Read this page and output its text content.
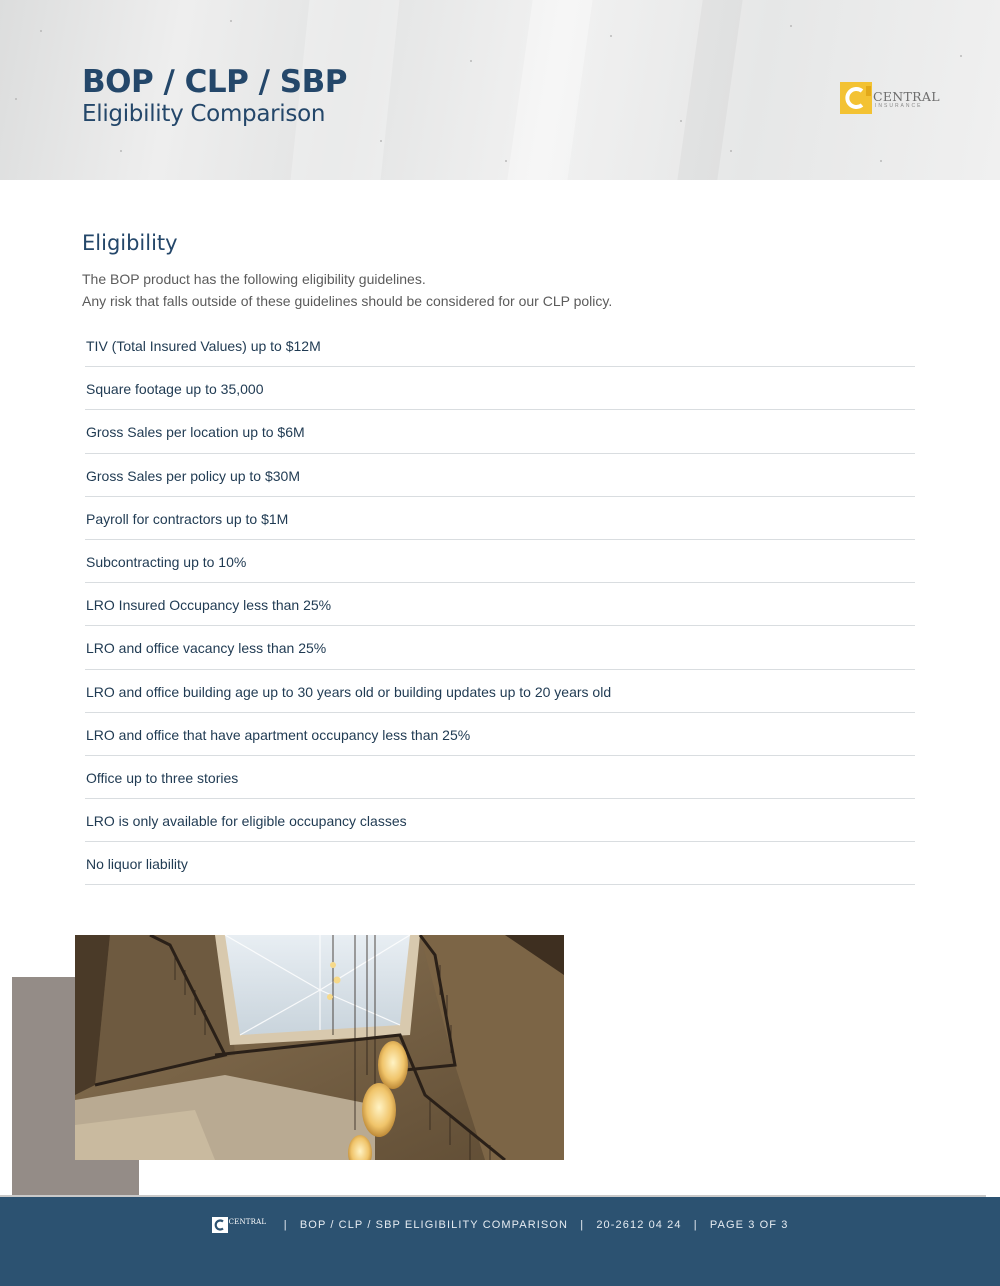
BOP / CLP / SBP
Eligibility Comparison
CENTRAL
INSURANCE
Eligibility

The BOP product has the following eligibility guidelines.

Any risk that falls outside of these guidelines should be considered for our CLP policy.

TIV (Total Insured Values) up to $12M
Square footage up to 35,000
Gross Sales per location up to $6M
Gross Sales per policy up to $30M
Payroll for contractors up to $1M
Subcontracting up to 10%
LRO Insured Occupancy less than 25%
LRO and office vacancy less than 25%
LRO and office building age up to 30 years old or building updates up to 20 years old
LRO and office that have apartment occupancy less than 25%
Office up to three stories
LRO is only available for eligible occupancy classes
No liquor liability
CENTRAL | BOP / CLP / SBP ELIGIBILITY COMPARISON | 20-2612 04 24 | PAGE 3 OF 3
